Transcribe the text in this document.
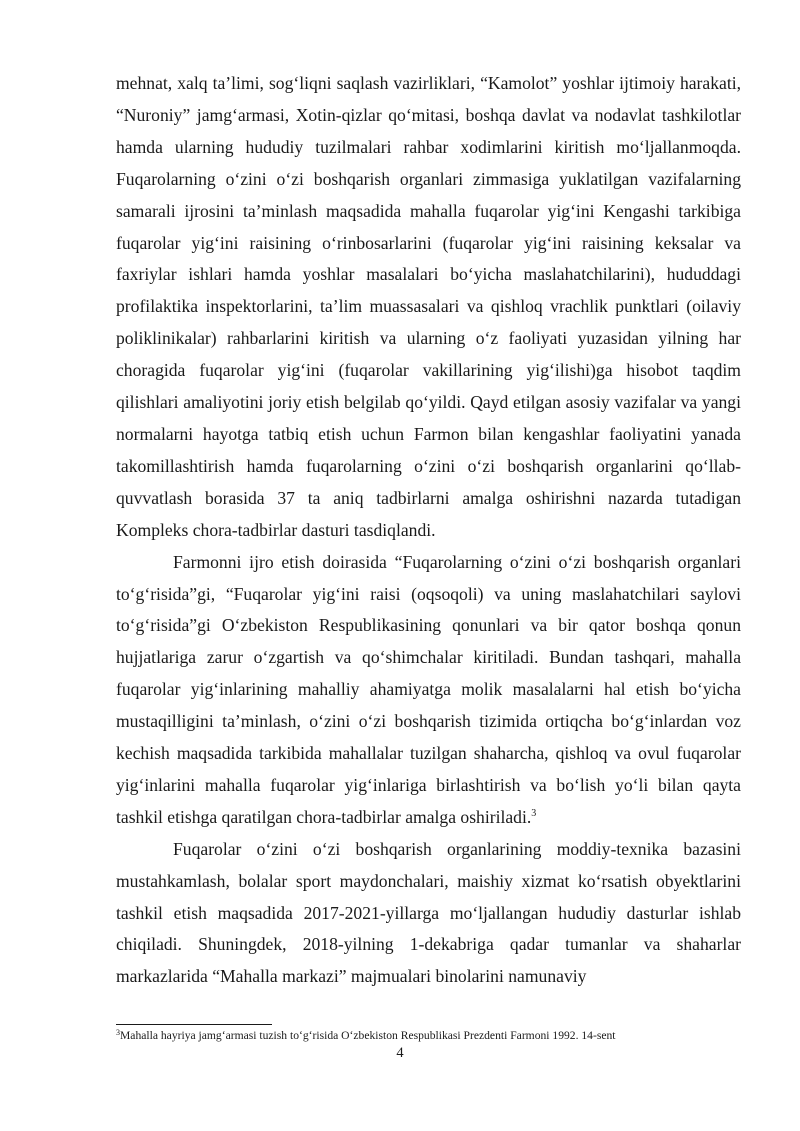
mehnat, xalq ta’limi, sog‘liqni saqlash vazirliklari, “Kamolot” yoshlar ijtimoiy harakati, “Nuroniy” jamg‘armasi, Xotin-qizlar qo‘mitasi, boshqa davlat va nodavlat tashkilotlar hamda ularning hududiy tuzilmalari rahbar xodimlarini kiritish mo‘ljallanmoqda. Fuqarolarning o‘zini o‘zi boshqarish organlari zimmasiga yuklatilgan vazifalarning samarali ijrosini ta’minlash maqsadida mahalla fuqarolar yig‘ini Kengashi tarkibiga fuqarolar yig‘ini raisining o‘rinbosarlarini (fuqarolar yig‘ini raisining keksalar va faxriylar ishlari hamda yoshlar masalalari bo‘yicha maslahatchilarini), hududdagi profilaktika inspektorlarini, ta’lim muassasalari va qishloq vrachlik punktlari (oilaviy poliklinikalar) rahbarlarini kiritish va ularning o‘z faoliyati yuzasidan yilning har choragida fuqarolar yig‘ini (fuqarolar vakillarining yig‘ilishi)ga hisobot taqdim qilishlari amaliyotini joriy etish belgilab qo‘yildi. Qayd etilgan asosiy vazifalar va yangi normalarni hayotga tatbiq etish uchun Farmon bilan kengashlar faoliyatini yanada takomillashtirish hamda fuqarolarning o‘zini o‘zi boshqarish organlarini qo‘llab-quvvatlash borasida 37 ta aniq tadbirlarni amalga oshirishni nazarda tutadigan Kompleks chora-tadbirlar dasturi tasdiqlandi.

Farmonni ijro etish doirasida “Fuqarolarning o‘zini o‘zi boshqarish organlari to‘g‘risida”gi, “Fuqarolar yig‘ini raisi (oqsoqoli) va uning maslahatchilari saylovi to‘g‘risida”gi O‘zbekiston Respublikasining qonunlari va bir qator boshqa qonun hujjatlariga zarur o‘zgartish va qo‘shimchalar kiritiladi. Bundan tashqari, mahalla fuqarolar yig‘inlarining mahalliy ahamiyatga molik masalalarni hal etish bo‘yicha mustaqilligini ta’minlash, o‘zini o‘zi boshqarish tizimida ortiqcha bo‘g‘inlardan voz kechish maqsadida tarkibida mahallalar tuzilgan shaharcha, qishloq va ovul fuqarolar yig‘inlarini mahalla fuqarolar yig‘inlariga birlashtirish va bo‘lish yo‘li bilan qayta tashkil etishga qaratilgan chora-tadbirlar amalga oshiriladi.$^3$

Fuqarolar o‘zini o‘zi boshqarish organlarining moddiy-texnika bazasini mustahkamlash, bolalar sport maydonchalari, maishiy xizmat ko‘rsatish obyektlarini tashkil etish maqsadida 2017-2021-yillarga mo‘ljallangan hududiy dasturlar ishlab chiqiladi. Shuningdek, 2018-yilning 1-dekabriga qadar tumanlar va shaharlar markazlarida “Mahalla markazi” majmualari binolarini namunaviy

$^3$Mahalla hayriya jamg‘armasi tuzish to‘g‘risida O‘zbekiston Respublikasi Prezdenti Farmoni 1992. 14-sent
4
